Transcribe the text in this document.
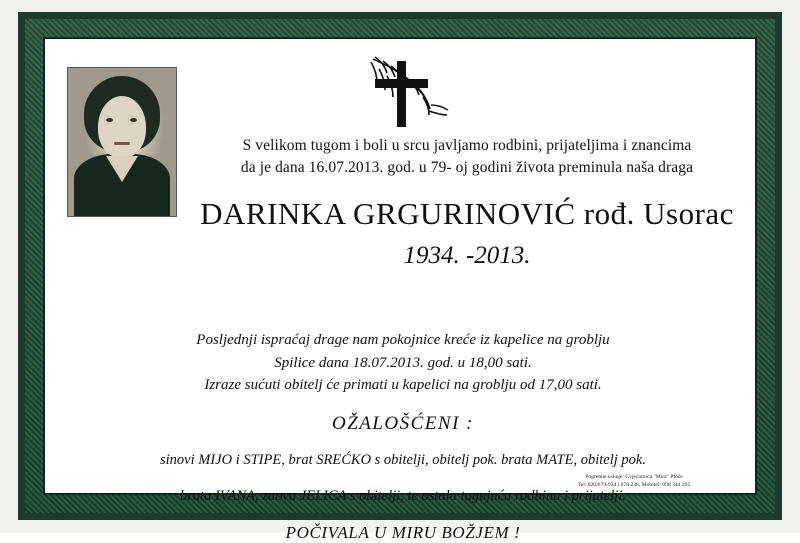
S velikom tugom i boli u srcu javljamo rodbini, prijateljima i znancima
da je dana 16.07.2013. god. u 79- oj godini života preminula naša draga
DARINKA GRGURINOVIĆ rođ. Usorac
1934. -2013.
Posljednji ispraćaj drage nam pokojnice kreće iz kapelice na groblju
Spilice dana 18.07.2013. god. u 18,00 sati.
Izraze sućuti obitelj će primati u kapelici na groblju od 17,00 sati.
OŽALOŠĆENI :
sinovi MIJO i STIPE, brat SREĆKO s obitelji, obitelj pok. brata MATE, obitelj pok.
brata IVANA, zaova JELICA s obitelji, te ostala tugujuća rodbina i prijatelji.
POČIVALA U MIRU BOŽJEM !
Pogrebne usluge: Cvjećarnica "Mira" Ploče
Tel: 020/679-934 i 678 238, Mobitel: 098 344 295
